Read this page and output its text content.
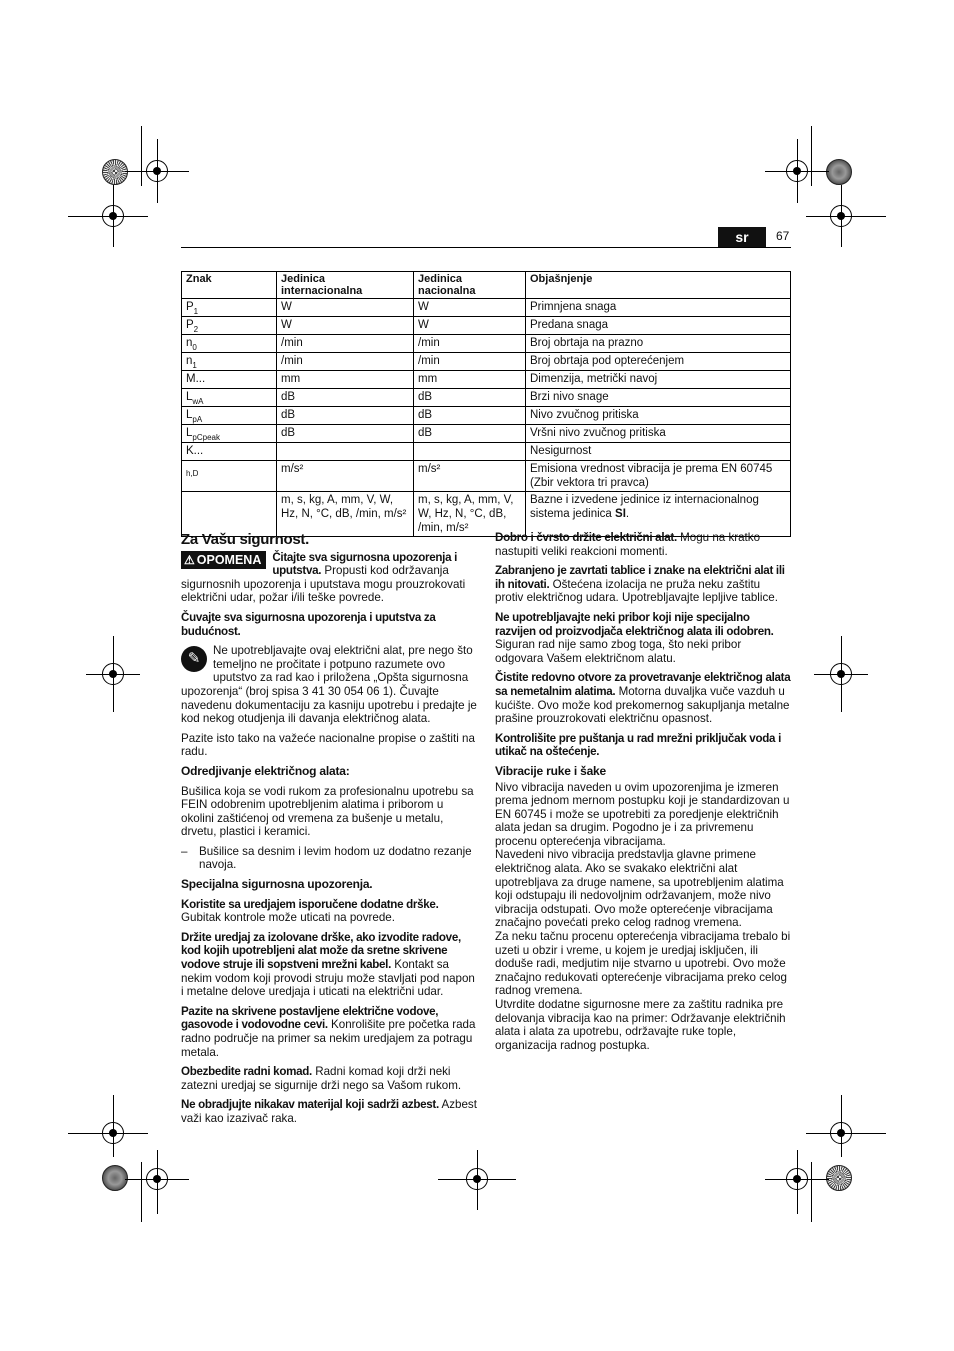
sr	67
Znak	Jedinica internacionalna	Jedinica nacionalna	Objašnjenje
$P_1$	W	W	Primnjena snaga
$P_2$	W	W	Predana snaga
$n_0$	/min	/min	Broj obrtaja na prazno
$n_1$	/min	/min	Broj obrtaja pod opterećenjem
M...	mm	mm	Dimenzija, metrički navoj
$L_{wA}$	dB	dB	Brzi nivo snage
$L_{pA}$	dB	dB	Nivo zvučnog pritiska
$L_{pCpeak}$	dB	dB	Vršni nivo zvučnog pritiska
K...			Nesigurnost
$_{h,D}$	m/s²	m/s²	Emisiona vrednost vibracija je prema EN 60745 (Zbir vektora tri pravca)
	m, s, kg, A, mm, V, W, Hz, N, °C, dB, /min, m/s²	m, s, kg, A, mm, V, W, Hz, N, °C, dB, /min, m/s²	Bazne i izvedene jedinice iz internacionalnog sistema jedinica SI.
Za Vašu sigurnost.

⚠ OPOMENA Čitajte sva sigurnosna upozorenja i uputstva. Propusti kod održavanja sigurnosnih upozorenja i uputstava mogu prouzrokovati električni udar, požar i/ili teške povrede.

Čuvajte sva sigurnosna upozorenja i uputstva za budućnost.

✎	Ne upotrebljavajte ovaj električni alat, pre nego što temeljno ne pročitate i potpuno razumete ovo uputstvo za rad kao i priložena „Opšta sigurnosna upozorenja“ (broj spisa 3 41 30 054 06 1). Čuvajte navedenu dokumentaciju za kasniju upotrebu i predajte je kod nekog otudjenja ili davanja električnog alata.

Pazite isto tako na važeće nacionalne propise o zaštiti na radu.

Odredjivanje električnog alata:

Bušilica koja se vodi rukom za profesionalnu upotrebu sa FEIN odobrenim upotrebljenim alatima i priborom u okolini zaštićenoj od vremena za bušenje u metalu, drvetu, plastici i keramici.

– Bušilice sa desnim i levim hodom uz dodatno rezanje navoja.

Specijalna sigurnosna upozorenja.

Koristite sa uredjajem isporučene dodatne drške. Gubitak kontrole može uticati na povrede.

Držite uredjaj za izolovane drške, ako izvodite radove, kod kojih upotrebljeni alat može da sretne skrivene vodove struje ili sopstveni mrežni kabel. Kontakt sa nekim vodom koji provodi struju može stavljati pod napon i metalne delove uredjaja i uticati na električni udar.

Pazite na skrivene postavljene električne vodove, gasovode i vodovodne cevi. Konrolišite pre početka rada radno područje na primer sa nekim uredjajem za potragu metala.

Obezbedite radni komad. Radni komad koji drži neki zatezni uredjaj se sigurnije drži nego sa Vašom rukom.

Ne obradjujte nikakav materijal koji sadrži azbest. Azbest važi kao izazivač raka.

Dobro i čvrsto držite električni alat. Mogu na kratko nastupiti veliki reakcioni momenti.

Zabranjeno je zavrtati tablice i znake na električni alat ili ih nitovati. Oštećena izolacija ne pruža neku zaštitu protiv električnog udara. Upotrebljavajte lepljive tablice.

Ne upotrebljavajte neki pribor koji nije specijalno razvijen od proizvodjača električnog alata ili odobren. Siguran rad nije samo zbog toga, što neki pribor odgovara Vašem električnom alatu.

Čistite redovno otvore za provetravanje električnog alata sa nemetalnim alatima. Motorna duvaljka vuče vazduh u kućište. Ovo može kod prekomernog sakupljanja metalne prašine prouzrokovati električnu opasnost.

Kontrolišite pre puštanja u rad mrežni priključak voda i utikač na oštećenje.

Vibracije ruke i šake

Nivo vibracija naveden u ovim upozorenjima je izmeren prema jednom mernom postupku koji je standardizovan u EN 60745 i može se upotrebiti za poredjenje električnih alata jedan sa drugim. Pogodno je i za privremenu procenu opterećenja vibracijama.

Navedeni nivo vibracija predstavlja glavne primene električnog alata. Ako se svakako električni alat upotrebljava za druge namene, sa upotrebljenim alatima koji odstupaju ili nedovoljnim održavanjem, može nivo vibracija odstupati. Ovo može opterećenje vibracijama značajno povećati preko celog radnog vremena.

Za neku tačnu procenu opterećenja vibracijama trebalo bi uzeti u obzir i vreme, u kojem je uredjaj isključen, ili doduše radi, medjutim nije stvarno u upotrebi. Ovo može značajno redukovati opterećenje vibracijama preko celog radnog vremena.

Utvrdite dodatne sigurnosne mere za zaštitu radnika pre delovanja vibracija kao na primer: Održavanje električnih alata i alata za upotrebu, održavajte ruke tople, organizacija radnog postupka.
